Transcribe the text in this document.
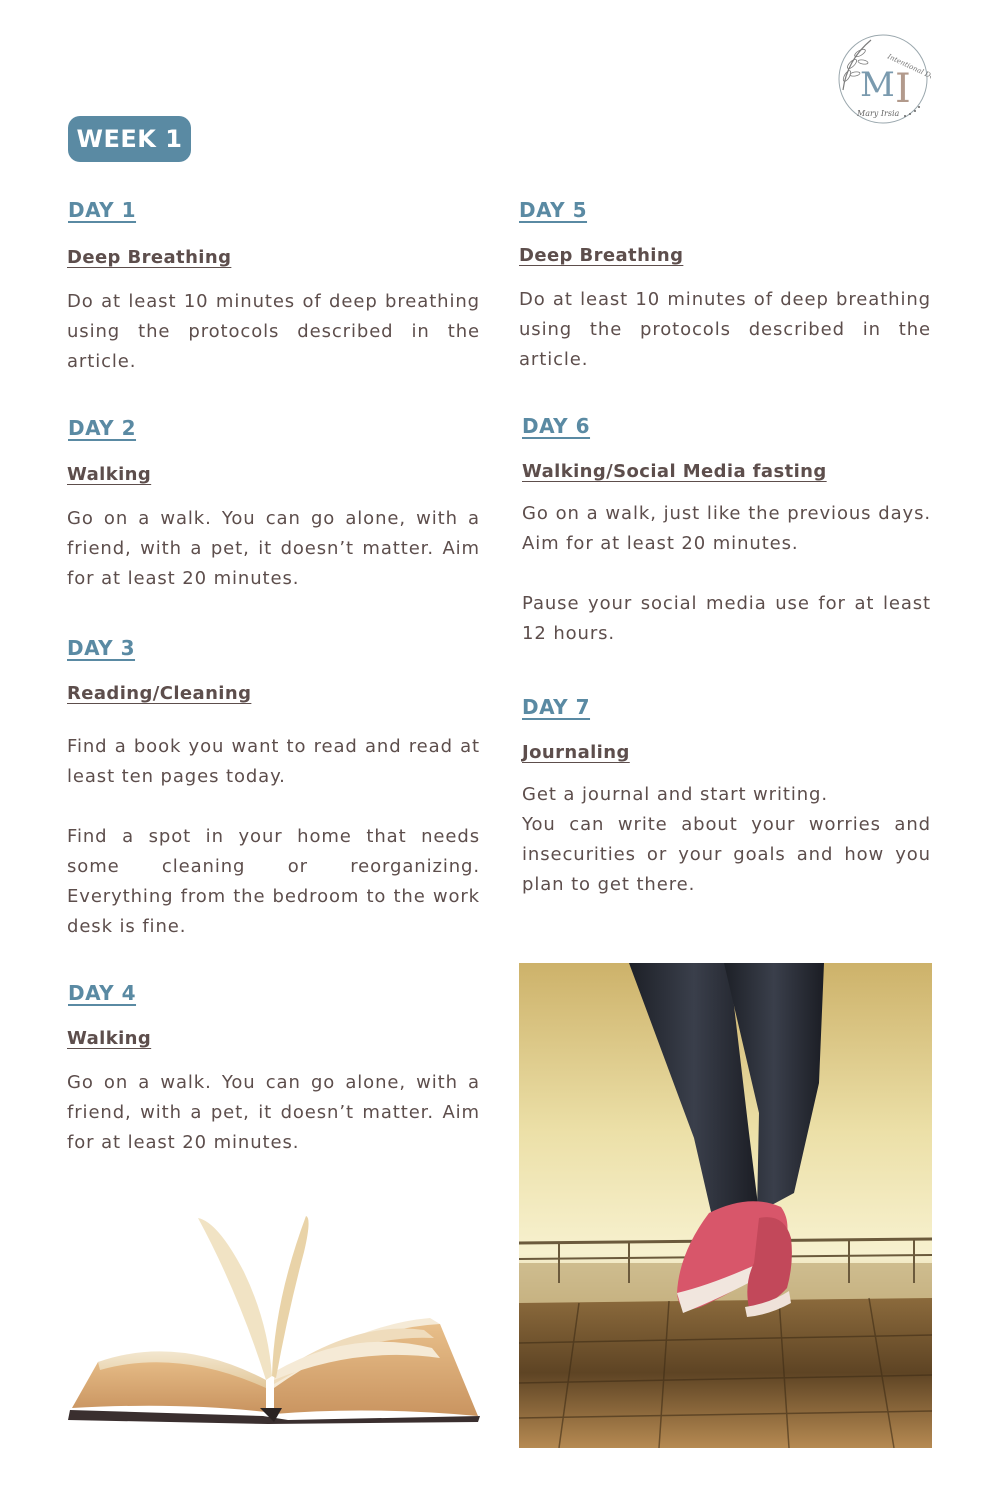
M I
Intentional Design
Mary Irsia
WEEK 1
DAY 1
Deep Breathing
Do at least 10 minutes of deep breathing using the protocols described in the article.
DAY 2
Walking
Go on a walk. You can go alone, with a friend, with a pet, it doesn’t matter. Aim for at least 20 minutes.
DAY 3
Reading/Cleaning
Find a book you want to read and read at least ten pages today.
Find a spot in your home that needs some cleaning or reorganizing. Everything from the bedroom to the work desk is fine.
DAY 4
Walking
Go on a walk. You can go alone, with a friend, with a pet, it doesn’t matter. Aim for at least 20 minutes.
DAY 5
Deep Breathing
Do at least 10 minutes of deep breathing using the protocols described in the article.
DAY 6
Walking/Social Media fasting
Go on a walk, just like the previous days. Aim for at least 20 minutes.
Pause your social media use for at least 12 hours.
DAY 7
Journaling
Get a journal and start writing.
You can write about your worries and insecurities or your goals and how you plan to get there.
